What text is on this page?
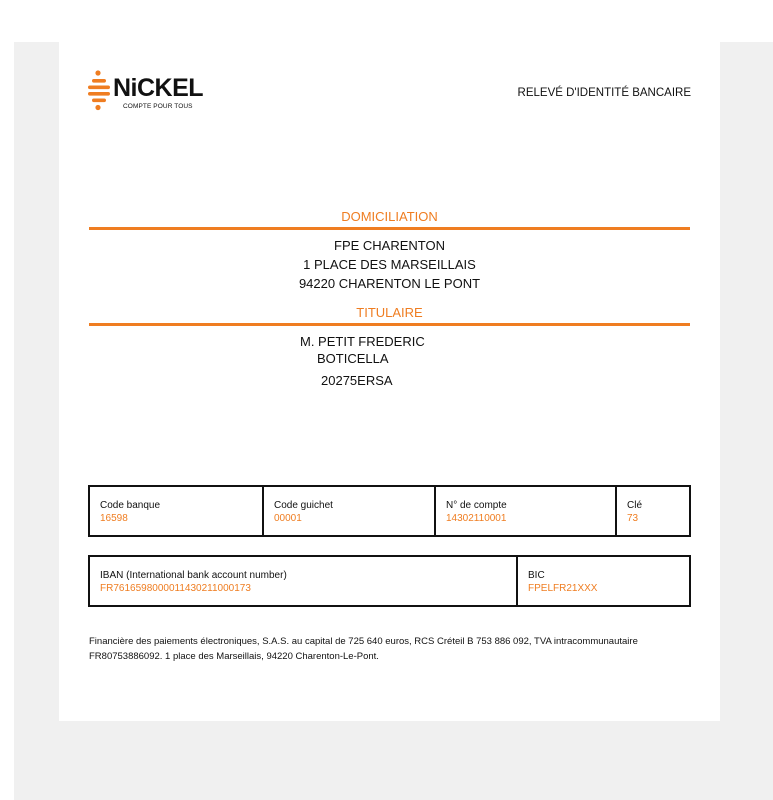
NiCKEL
COMPTE POUR TOUS
RELEVÉ D'IDENTITÉ BANCAIRE
DOMICILIATION
FPE CHARENTON
1 PLACE DES MARSEILLAIS
94220 CHARENTON LE PONT
TITULAIRE
M. PETIT FREDERIC
BOTICELLA
20275ERSA
Code banque
16598
Code guichet
00001
N° de compte
14302110001
Clé
73
IBAN (International bank account number)
FR7616598000011430211000173
BIC
FPELFR21XXX
Financière des paiements électroniques, S.A.S. au capital de 725 640 euros, RCS Créteil B 753 886 092, TVA intracommunautaire
FR80753886092. 1 place des Marseillais, 94220 Charenton-Le-Pont.
